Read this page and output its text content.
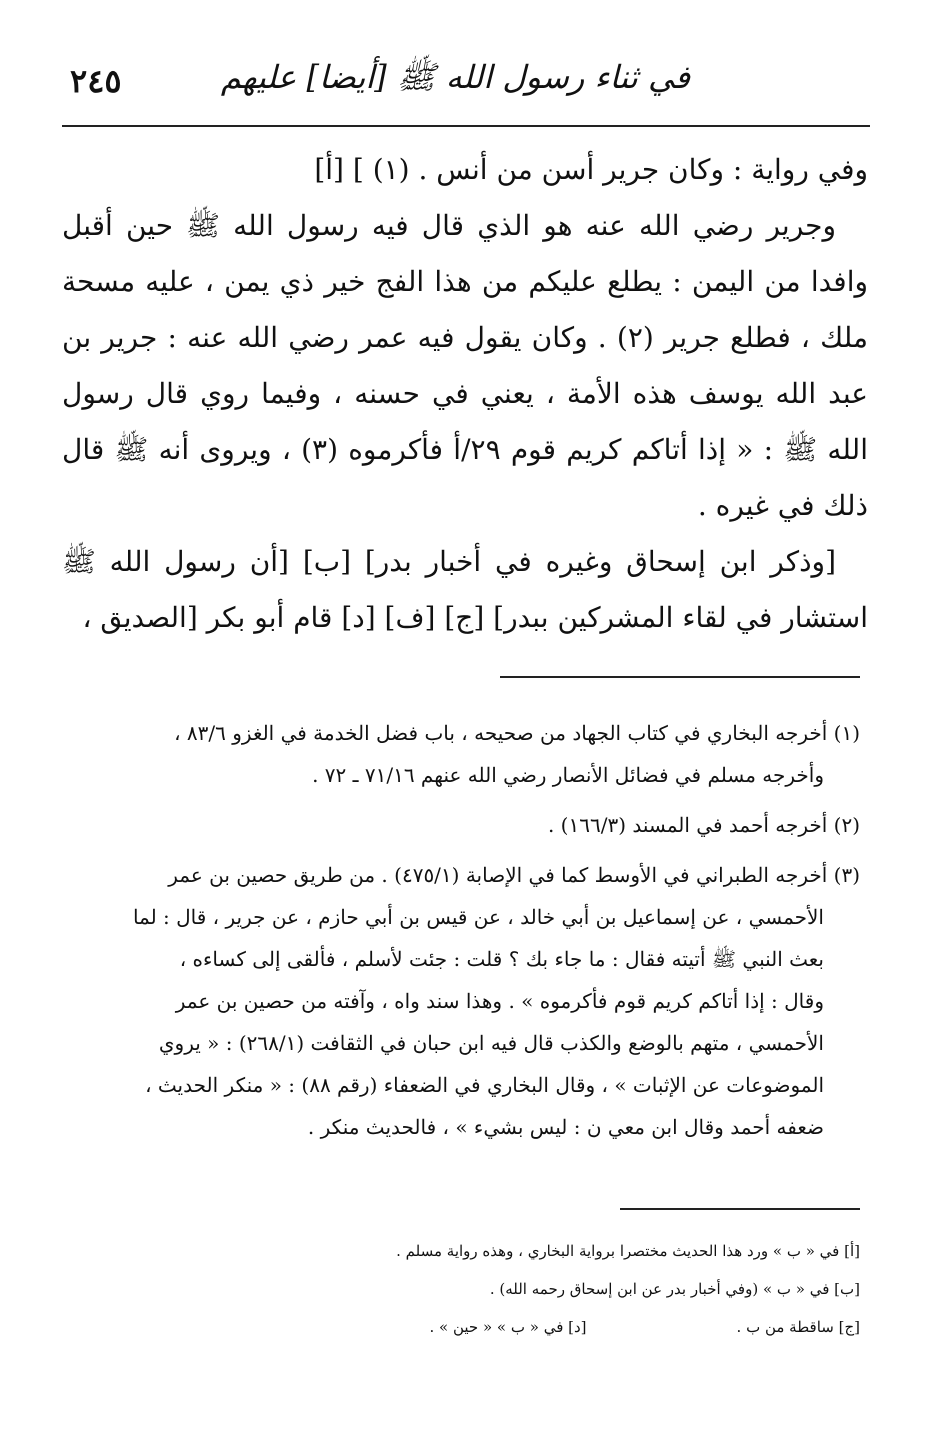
٢٤٥	في ثناء رسول الله ﷺ [أيضا] عليهم

وفي رواية : وكان جرير أسن من أنس . (١) ] [أ]

وجرير رضي الله عنه هو الذي قال فيه رسول الله ﷺ حين أقبل وافدا من اليمن : يطلع عليكم من هذا الفج خير ذي يمن ، عليه مسحة ملك ، فطلع جرير (٢) . وكان يقول فيه عمر رضي الله عنه : جرير بن عبد الله يوسف هذه الأمة ، يعني في حسنه ، وفيما روي قال رسول الله ﷺ : « إذا أتاكم كريم قوم ٢٩/أ فأكرموه (٣) ، ويروى أنه ﷺ قال ذلك في غيره .

[وذكر ابن إسحاق وغيره في أخبار بدر] [ب] [أن رسول الله ﷺ استشار في لقاء المشركين ببدر] [ج] [ف] [د] قام أبو بكر [الصديق ،

(١) أخرجه البخاري في كتاب الجهاد من صحيحه ، باب فضل الخدمة في الغزو ٨٣/٦ ،

وأخرجه مسلم في فضائل الأنصار رضي الله عنهم ٧١/١٦ ـ ٧٢ .

(٢) أخرجه أحمد في المسند (١٦٦/٣) .

(٣) أخرجه الطبراني في الأوسط كما في الإصابة (٤٧٥/١) . من طريق حصين بن عمر

الأحمسي ، عن إسماعيل بن أبي خالد ، عن قيس بن أبي حازم ، عن جرير ، قال : لما

بعث النبي ﷺ أتيته فقال : ما جاء بك ؟ قلت : جئت لأسلم ، فألقى إلى كساءه ،

وقال : إذا أتاكم كريم قوم فأكرموه » . وهذا سند واه ، وآفته من حصين بن عمر

الأحمسي ، متهم بالوضع والكذب قال فيه ابن حبان في الثقافت (٢٦٨/١) : « يروي

الموضوعات عن الإثبات » ، وقال البخاري في الضعفاء (رقم ٨٨) : « منكر الحديث ،

ضعفه أحمد وقال ابن معي ن : ليس بشيء » ، فالحديث منكر .

[أ] في « ب » ورد هذا الحديث مختصرا برواية البخاري ، وهذه رواية مسلم .

[ب] في « ب » (وفي أخبار بدر عن ابن إسحاق رحمه الله) .

[ج] ساقطة من ب .

[د] في « ب » « حين » .
